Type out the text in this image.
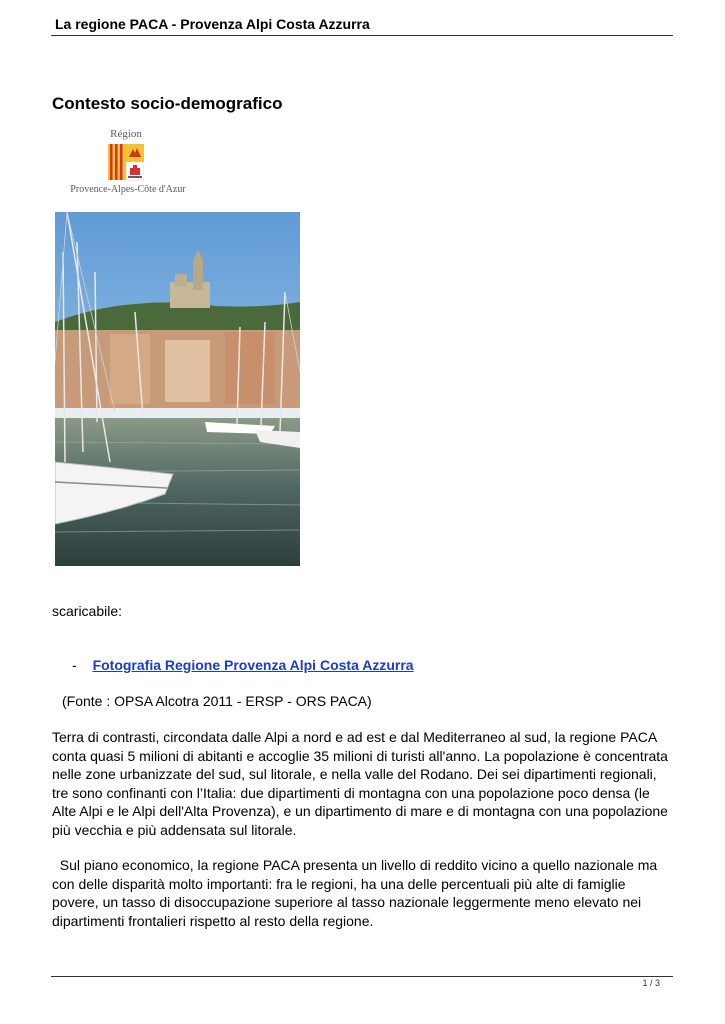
La regione PACA - Provenza Alpi Costa Azzurra
Contesto socio-demografico
Région
Provence-Alpes-Côte d'Azur
scaricabile:
- Fotografia Regione Provenza Alpi Costa Azzurra
(Fonte : OPSA Alcotra 2011 - ERSP - ORS PACA)
Terra di contrasti, circondata dalle Alpi a nord e ad est e dal Mediterraneo al sud, la regione PACA conta quasi 5 milioni di abitanti e accoglie 35 milioni di turisti all'anno. La popolazione è concentrata nelle zone urbanizzate del sud, sul litorale, e nella valle del Rodano. Dei sei dipartimenti regionali, tre sono confinanti con l’Italia: due dipartimenti di montagna con una popolazione poco densa (le Alte Alpi e le Alpi dell'Alta Provenza), e un dipartimento di mare e di montagna con una popolazione più vecchia e più addensata sul litorale.
Sul piano economico, la regione PACA presenta un livello di reddito vicino a quello nazionale ma con delle disparità molto importanti: fra le regioni, ha una delle percentuali più alte di famiglie povere, un tasso di disoccupazione superiore al tasso nazionale leggermente meno elevato nei dipartimenti frontalieri rispetto al resto della regione.
1 / 3
